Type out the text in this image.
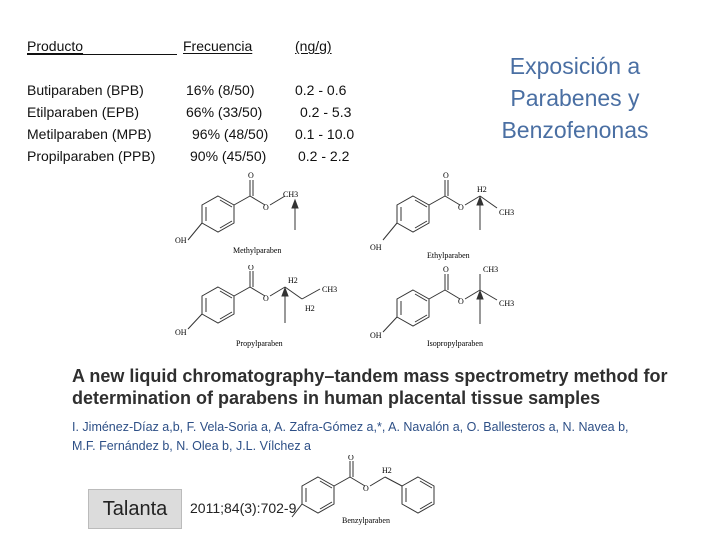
Producto	Frecuencia	(ng/g)
Butiparaben (BPB)	16% (8/50)	0.2 - 0.6
Etilparaben (EPB)	66% (33/50)	0.2 - 5.3
Metilparaben (MPB)	96% (48/50) 0.1 - 10.0
Propilparaben (PPB) 90% (45/50) 0.2 - 2.2
Exposición a
Parabenes y
Benzofenonas
O
O
CH3
OH
Methylparaben
O
O
H2
CH3
OH
Ethylparaben
O
O
H2
H2
CH3
OH
Propylparaben
O
O
CH3
CH3
OH
Isopropylparaben
A new liquid chromatography–tandem mass spectrometry method for
determination of parabens in human placental tissue samples
I. Jiménez-Díaz a,b, F. Vela-Soria a, A. Zafra-Gómez a,*, A. Navalón a, O. Ballesteros a, N. Navea b,
M.F. Fernández b, N. Olea b, J.L. Vílchez a
Talanta
O
O
H2
Benzylparaben
2011;84(3):702-9
